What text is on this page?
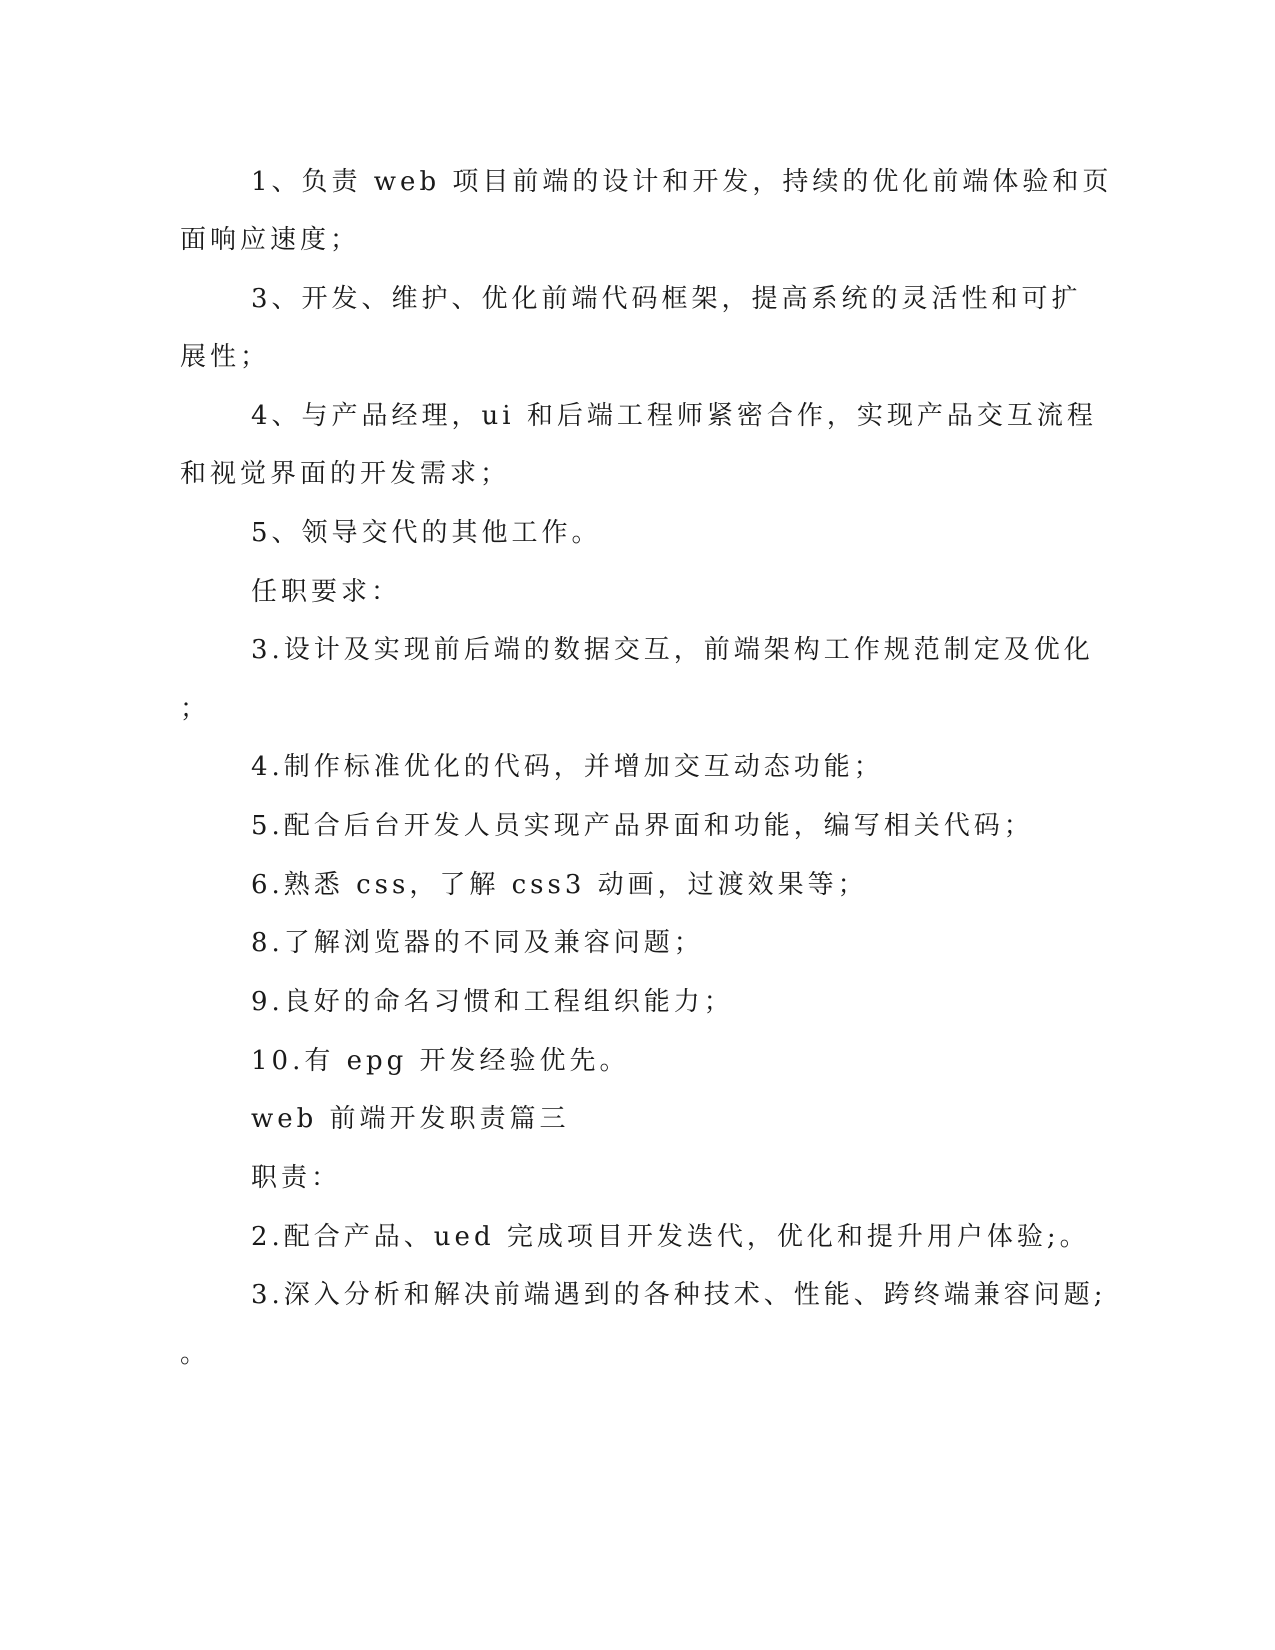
1、负责 web 项目前端的设计和开发，持续的优化前端体验和页
面响应速度；
3、开发、维护、优化前端代码框架，提高系统的灵活性和可扩
展性；
4、与产品经理，ui 和后端工程师紧密合作，实现产品交互流程
和视觉界面的开发需求；
5、领导交代的其他工作。
任职要求：
3.设计及实现前后端的数据交互，前端架构工作规范制定及优化
；
4.制作标准优化的代码，并增加交互动态功能；
5.配合后台开发人员实现产品界面和功能，编写相关代码；
6.熟悉 css，了解 css3 动画，过渡效果等；
8.了解浏览器的不同及兼容问题；
9.良好的命名习惯和工程组织能力；
10.有 epg 开发经验优先。
web 前端开发职责篇三
职责：
2.配合产品、ued 完成项目开发迭代，优化和提升用户体验;。
3.深入分析和解决前端遇到的各种技术、性能、跨终端兼容问题;
。
